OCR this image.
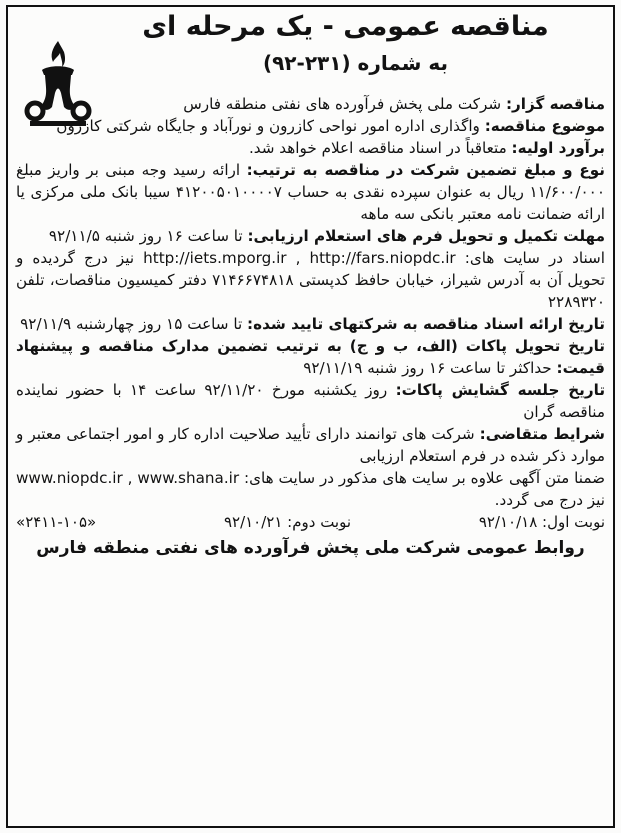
مناقصه عمومی - یک مرحله ای
به شماره (۲۳۱-۹۲)

مناقصه گزار: شرکت ملی پخش فرآورده های نفتی منطقه فارس

موضوع مناقصه: واگذاری اداره امور نواحی کازرون و نورآباد و جایگاه شرکتی کازرون

برآورد اولیه: متعاقباً در اسناد مناقصه اعلام خواهد شد.

نوع و مبلغ تضمین شرکت در مناقصه به ترتیب: ارائه رسید وجه مبنی بر واریز مبلغ ۱۱/۶۰۰/۰۰۰ ریال به عنوان سپرده نقدی به حساب ۴۱۲۰۰۵۰۱۰۰۰۰۷ سیبا بانک ملی مرکزی یا ارائه ضمانت نامه معتبر بانکی سه ماهه

مهلت تکمیل و تحویل فرم های استعلام ارزیابی: تا ساعت ۱۶ روز شنبه ۹۲/۱۱/۵

اسناد در سایت های: http://iets.mporg.ir , http://fars.niopdc.ir نیز درج گردیده و تحویل آن به آدرس شیراز، خیابان حافظ کدپستی ۷۱۴۶۶۷۴۸۱۸ دفتر کمیسیون مناقصات، تلفن ۲۲۸۹۳۲۰

تاریخ ارائه اسناد مناقصه به شرکتهای تایید شده: تا ساعت ۱۵ روز چهارشنبه ۹۲/۱۱/۹

تاریخ تحویل پاکات (الف، ب و ج) به ترتیب تضمین مدارک مناقصه و پیشنهاد قیمت: حداکثر تا ساعت ۱۶ روز شنبه ۹۲/۱۱/۱۹

تاریخ جلسه گشایش پاکات: روز یکشنبه مورخ ۹۲/۱۱/۲۰ ساعت ۱۴ با حضور نماینده مناقصه گران

شرایط متقاضی: شرکت های توانمند دارای تأیید صلاحیت اداره کار و امور اجتماعی معتبر و موارد ذکر شده در فرم استعلام ارزیابی

ضمنا متن آگهی علاوه بر سایت های مذکور در سایت های: www.niopdc.ir , www.shana.ir نیز درج می گردد.

نوبت اول: ۹۲/۱۰/۱۸
نوبت دوم: ۹۲/۱۰/۲۱
«۲۴۱۱-۱۰۵»
روابط عمومی شرکت ملی پخش فرآورده های نفتی منطقه فارس
